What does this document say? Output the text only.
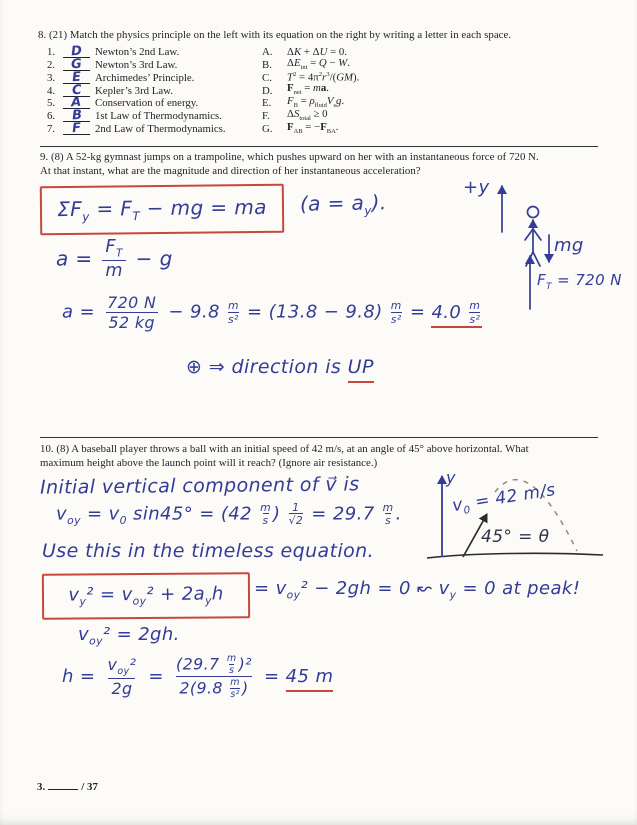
8. (21) Match the physics principle on the left with its equation on the right by writing a letter in each space.
1.	D	Newton’s 2nd Law.
2.	G	Newton’s 3rd Law.
3.	E	Archimedes’ Principle.
4.	C	Kepler’s 3rd Law.
5.	A	Conservation of energy.
6.	B	1st Law of Thermodynamics.
7.	F	2nd Law of Thermodynamics.
A.	ΔK + ΔU = 0.
B.	$\Delta E_{int} = Q - W$.
C.	$T^2 = 4\pi^2r^3/(GM)$.
D.	$F_{net}$ = ma.
E.	$F_B = \rho_{fluid}V_sg$.
F.	$\Delta S_{total} \ge 0$
G.	$F_{AB} = -F_{BA}$.
9. (8) A 52-kg gymnast jumps on a trampoline, which pushes upward on her with an instantaneous force of 720 N.
At that instant, what are the magnitude and direction of her instantaneous acceleration?
$\Sigma F_y = F_T$ − mg = ma $(a = a_y)$.
$a = \frac{F_T}{m} - g$
$a = \frac{720 N}{52 kg} - 9.8 \frac{m}{\text{s²}} = (13.8 - 9.8) \frac{m}{\text{s²}} = 4.0 \frac{m}{\text{s²}}$
⊕ ⇒ direction is UP
+y
mg
$F_T = 720$ N
10. (8) A baseball player throws a ball with an initial speed of 42 m/s, at an angle of 45° above horizontal. What
maximum height above the launch point will it reach? (Ignore air resistance.)
Initial vertical component of v⃗ is
$v_{oy} = v_0$ $\sin 45^\circ = (42 \frac{m}{s}$ ) $\frac{1}{√2} = 29.7 \frac{m}{s}$ .
Use this in the timeless equation.
$v_y^2 = v_{oy}^2 + 2a_yh = v_{oy}^2 - 2gh = 0$ ↜ $v_y = 0$ at peak!
$v_{oy}^2 = 2gh$.
h =
$v_{oy}^2$
2g
= $\frac{(29.7 \frac{m}{s} )^2}{2(9.8 \frac{m}{\text{s²}} )} = 45$ m
y
$v_0 = 42$ m/s
45° = θ
3.	/ 37
